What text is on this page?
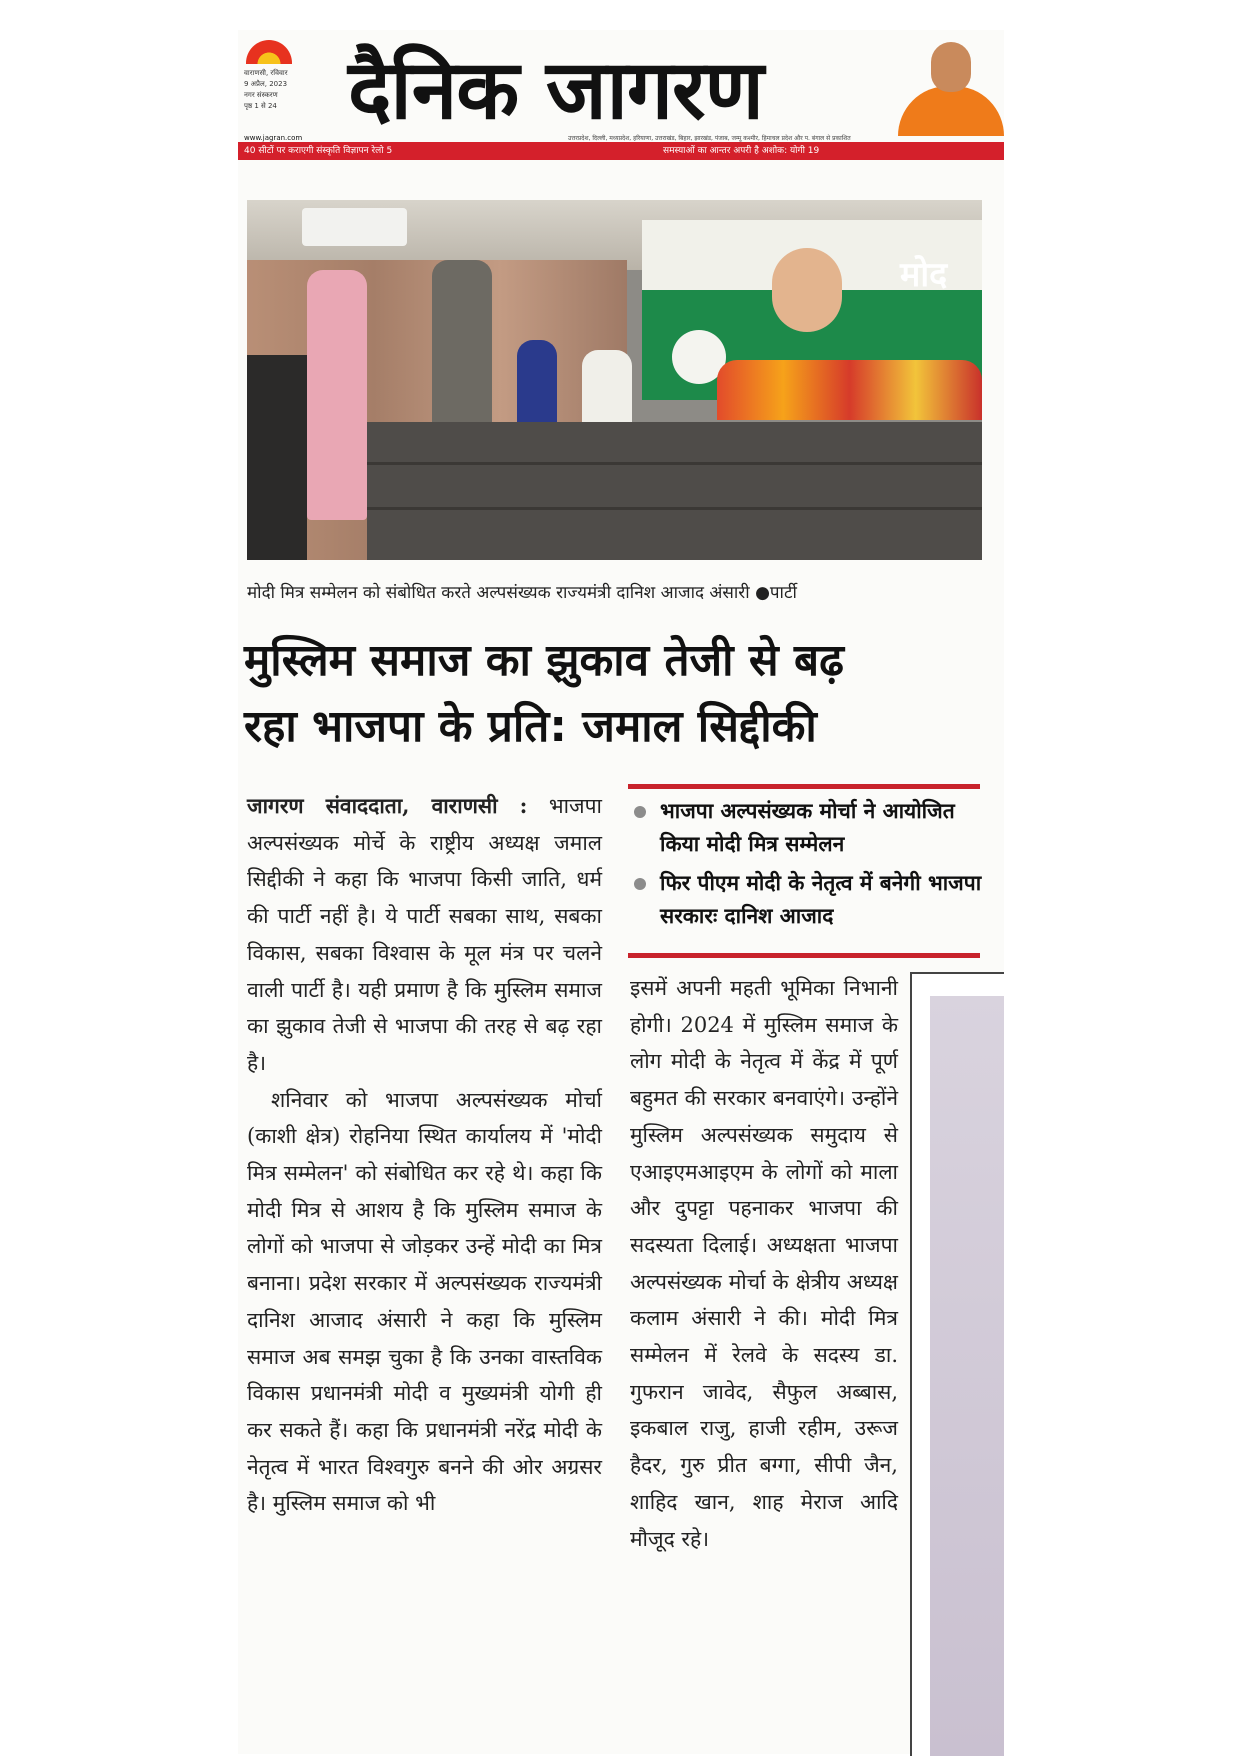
वाराणसी, रविवार
9 अप्रैल, 2023
नगर संस्करण
पृष्ठ 1 से 24
www.jagran.com दैनिक जागरण
उत्तरप्रदेश, दिल्ली, मध्यप्रदेश, हरियाणा, उत्तराखंड, बिहार, झारखंड, पंजाब, जम्मू कश्मीर, हिमाचल प्रदेश और प. बंगाल से प्रकाशित
40 सीटों पर कराएगी संस्कृति विज्ञापन रेलो 5	समस्याओं का आन्तर अपरी है अशोक: योगी 19
मोद
मोदी मित्र सम्मेलन को संबोधित करते अल्पसंख्यक राज्यमंत्री दानिश आजाद अंसारी ●पार्टी
मुस्लिम समाज का झुकाव तेजी से बढ़
रहा भाजपा के प्रति: जमाल सिद्दीकी

जागरण संवाददाता, वाराणसी : भाजपा अल्पसंख्यक मोर्चे के राष्ट्रीय अध्यक्ष जमाल सिद्दीकी ने कहा कि भाजपा किसी जाति, धर्म की पार्टी नहीं है। ये पार्टी सबका साथ, सबका विकास, सबका विश्वास के मूल मंत्र पर चलने वाली पार्टी है। यही प्रमाण है कि मुस्लिम समाज का झुकाव तेजी से भाजपा की तरह से बढ़ रहा है।

शनिवार को भाजपा अल्पसंख्यक मोर्चा (काशी क्षेत्र) रोहनिया स्थित कार्यालय में 'मोदी मित्र सम्मेलन' को संबोधित कर रहे थे। कहा कि मोदी मित्र से आशय है कि मुस्लिम समाज के लोगों को भाजपा से जोड़कर उन्हें मोदी का मित्र बनाना। प्रदेश सरकार में अल्पसंख्यक राज्यमंत्री दानिश आजाद अंसारी ने कहा कि मुस्लिम समाज अब समझ चुका है कि उनका वास्तविक विकास प्रधानमंत्री मोदी व मुख्यमंत्री योगी ही कर सकते हैं। कहा कि प्रधानमंत्री नरेंद्र मोदी के नेतृत्व में भारत विश्वगुरु बनने की ओर अग्रसर है। मुस्लिम समाज को भी

भाजपा अल्पसंख्यक मोर्चा ने आयोजित किया मोदी मित्र सम्मेलन
फिर पीएम मोदी के नेतृत्व में बनेगी भाजपा सरकारः दानिश आजाद

इसमें अपनी महती भूमिका निभानी होगी। 2024 में मुस्लिम समाज के लोग मोदी के नेतृत्व में केंद्र में पूर्ण बहुमत की सरकार बनवाएंगे। उन्होंने मुस्लिम अल्पसंख्यक समुदाय से एआइएमआइएम के लोगों को माला और दुपट्टा पहनाकर भाजपा की सदस्यता दिलाई। अध्यक्षता भाजपा अल्पसंख्यक मोर्चा के क्षेत्रीय अध्यक्ष कलाम अंसारी ने की। मोदी मित्र सम्मेलन में रेलवे के सदस्य डा. गुफरान जावेद, सैफुल अब्बास, इकबाल राजु, हाजी रहीम, उरूज हैदर, गुरु प्रीत बग्गा, सीपी जैन, शाहिद खान, शाह मेराज आदि मौजूद रहे।
